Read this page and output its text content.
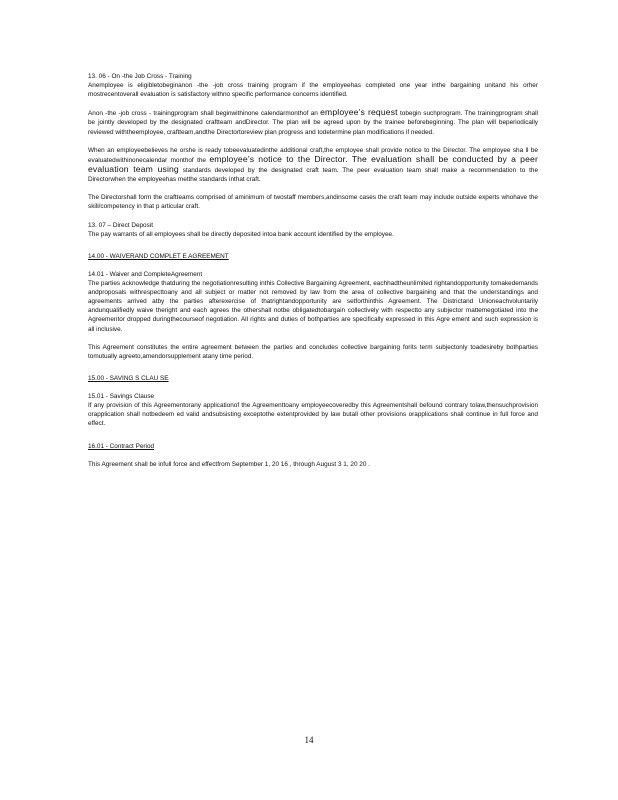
13. 06 - On -the Job Cross - Training

Anemployee is eligibletobeginanon -the -job cross training program if the employeehas completed one year inthe bargaining unitand his orher mostrecentoverall evaluation is satisfactory withno specific performance concerns identified.

Anon -the -job cross - trainingprogram shall beginwithinone calendarmonthof an employee’s request tobegin suchprogram. The trainingprogram shall be jointly developed by the designated craftteam andDirector. The plan will be agreed upon by the trainee beforebeginning. The plan will beperiodically reviewed withtheemployee, craftteam,andthe Directortoreview plan progress and todetermine plan modifications if needed.

When an employeebelieves he orshe is ready tobeevaluatedinthe additional craft,the employee shall provide notice to the Director. The employee sha ll be evaluatedwithinonecalendar monthof the employee’s notice to the Director. The evaluation shall be conducted by a peer evaluation team using standards developed by the designated craft team. The peer evaluation team shall make a recommendation to the Directorwhen the employeehas metthe standards inthat craft.

The Directorshall form the craftteams comprised of aminimum of twostaff members,andinsome cases the craft team may include outside experts whohave the skill/competency in that p articular craft.

13. 07 – Direct Deposit

The pay warrants of all employees shall be directly deposited intoa bank account identified by the employee.

14.00 - WAIVERAND COMPLET E AGREEMENT

14.01 - Waiver and CompleteAgreement

The parties acknowledge thatduring the negotiationresulting inthis Collective Bargaining Agreement, eachhadtheunlimited rightandopportunity tomakedemands andproposals withrespecttoany and all subject or matter not removed by law from the area of collective bargaining and that the understandings and agreements arrived atby the parties afterexercise of thatrightandopportunity are setforthinthis Agreement. The Districtand Unioneachvoluntarily andunqualifiedly waive theright and each agrees the othershall notbe obligatedtobargain collectively with respectto any subjector mattemegotiated into the Agreementor dropped duringthecourseof negotiation. All rights and duties of bothparties are specifically expressed in this Agre ement and such expression is all inclusive.

This Agreement constitutes the entire agreement between the parties and concludes collective bargaining forits term subjectonly toadesireby bothparties tomutually agreeto,amendorsupplement atany time period.

15.00 - SAVING S CLAU SE

15.01 - Savings Clause

If any provision of this Agreementorany applicationof the Agreementtoany employeecoveredby this Agreementshall befound contrary tolaw,thensuchprovision orapplication shall notbedeem ed valid andsubsisting exceptothe extentprovided by law butall other provisions orapplications shall continue in full force and effect.

16.01 - Contract Period

This Agreement shall be infull force and effectfrom September 1, 20 16 , through August 3 1, 20 20 .

14
